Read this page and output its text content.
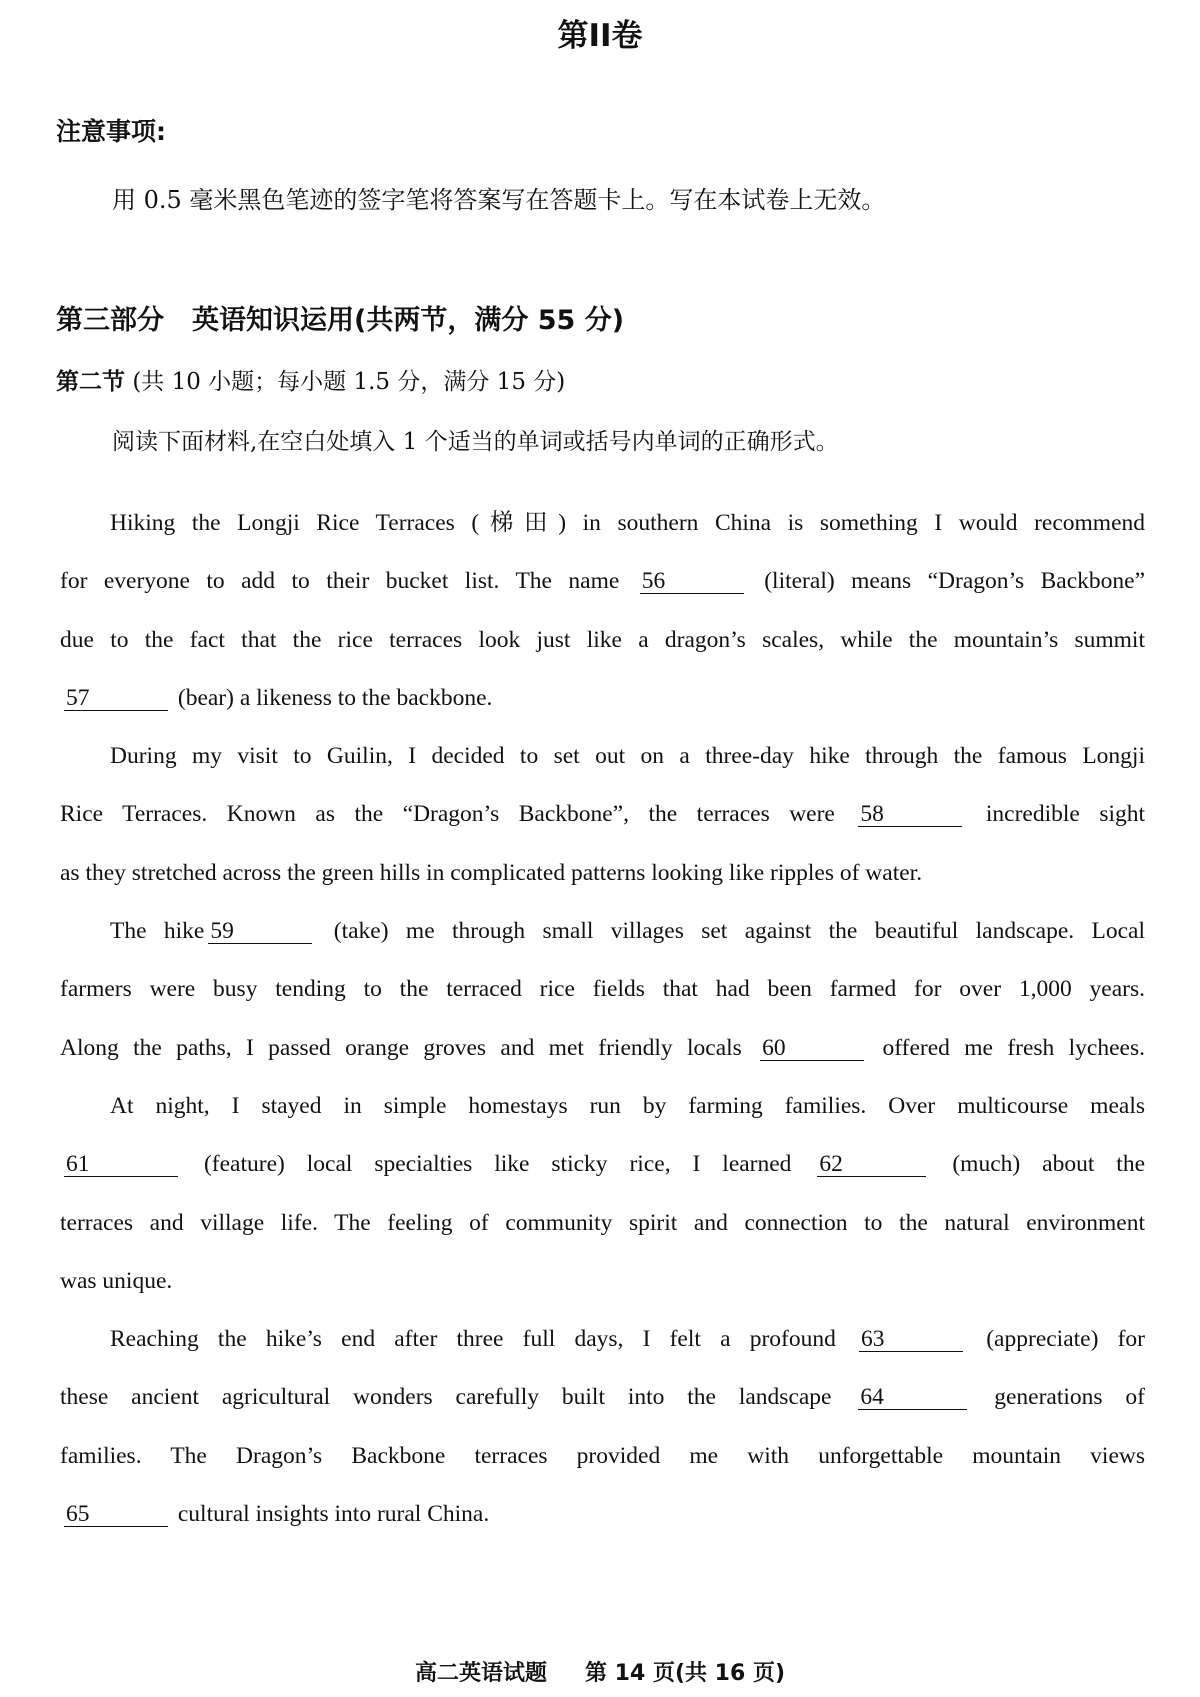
第II卷
注意事项:
用 0.5 毫米黑色笔迹的签字笔将答案写在答题卡上。写在本试卷上无效。
第三部分 英语知识运用(共两节，满分 55 分)
第二节 (共 10 小题；每小题 1.5 分，满分 15 分)
阅读下面材料,在空白处填入 1 个适当的单词或括号内单词的正确形式。
Hiking the Longji Rice Terraces (梯田) in southern China is something I would recommend
for everyone to add to their bucket list. The name 56	(literal) means “Dragon’s Backbone”
due to the fact that the rice terraces look just like a dragon’s scales, while the mountain’s summit
57	(bear) a likeness to the backbone.
During my visit to Guilin, I decided to set out on a three-day hike through the famous Longji
Rice Terraces. Known as the “Dragon’s Backbone”, the terraces were 58	incredible sight
as they stretched across the green hills in complicated patterns looking like ripples of water.
The hike 59	(take) me through small villages set against the beautiful landscape. Local
farmers were busy tending to the terraced rice fields that had been farmed for over 1,000 years.
Along the paths, I passed orange groves and met friendly locals 60	offered me fresh lychees.
At night, I stayed in simple homestays run by farming families. Over multicourse meals
61	(feature) local specialties like sticky rice, I learned 62	(much) about the
terraces and village life. The feeling of community spirit and connection to the natural environment
was unique.
Reaching the hike’s end after three full days, I felt a profound 63	(appreciate) for
these ancient agricultural wonders carefully built into the landscape 64	generations of
families. The Dragon’s Backbone terraces provided me with unforgettable mountain views
65	cultural insights into rural China.
高二英语试题 第 14 页(共 16 页)
